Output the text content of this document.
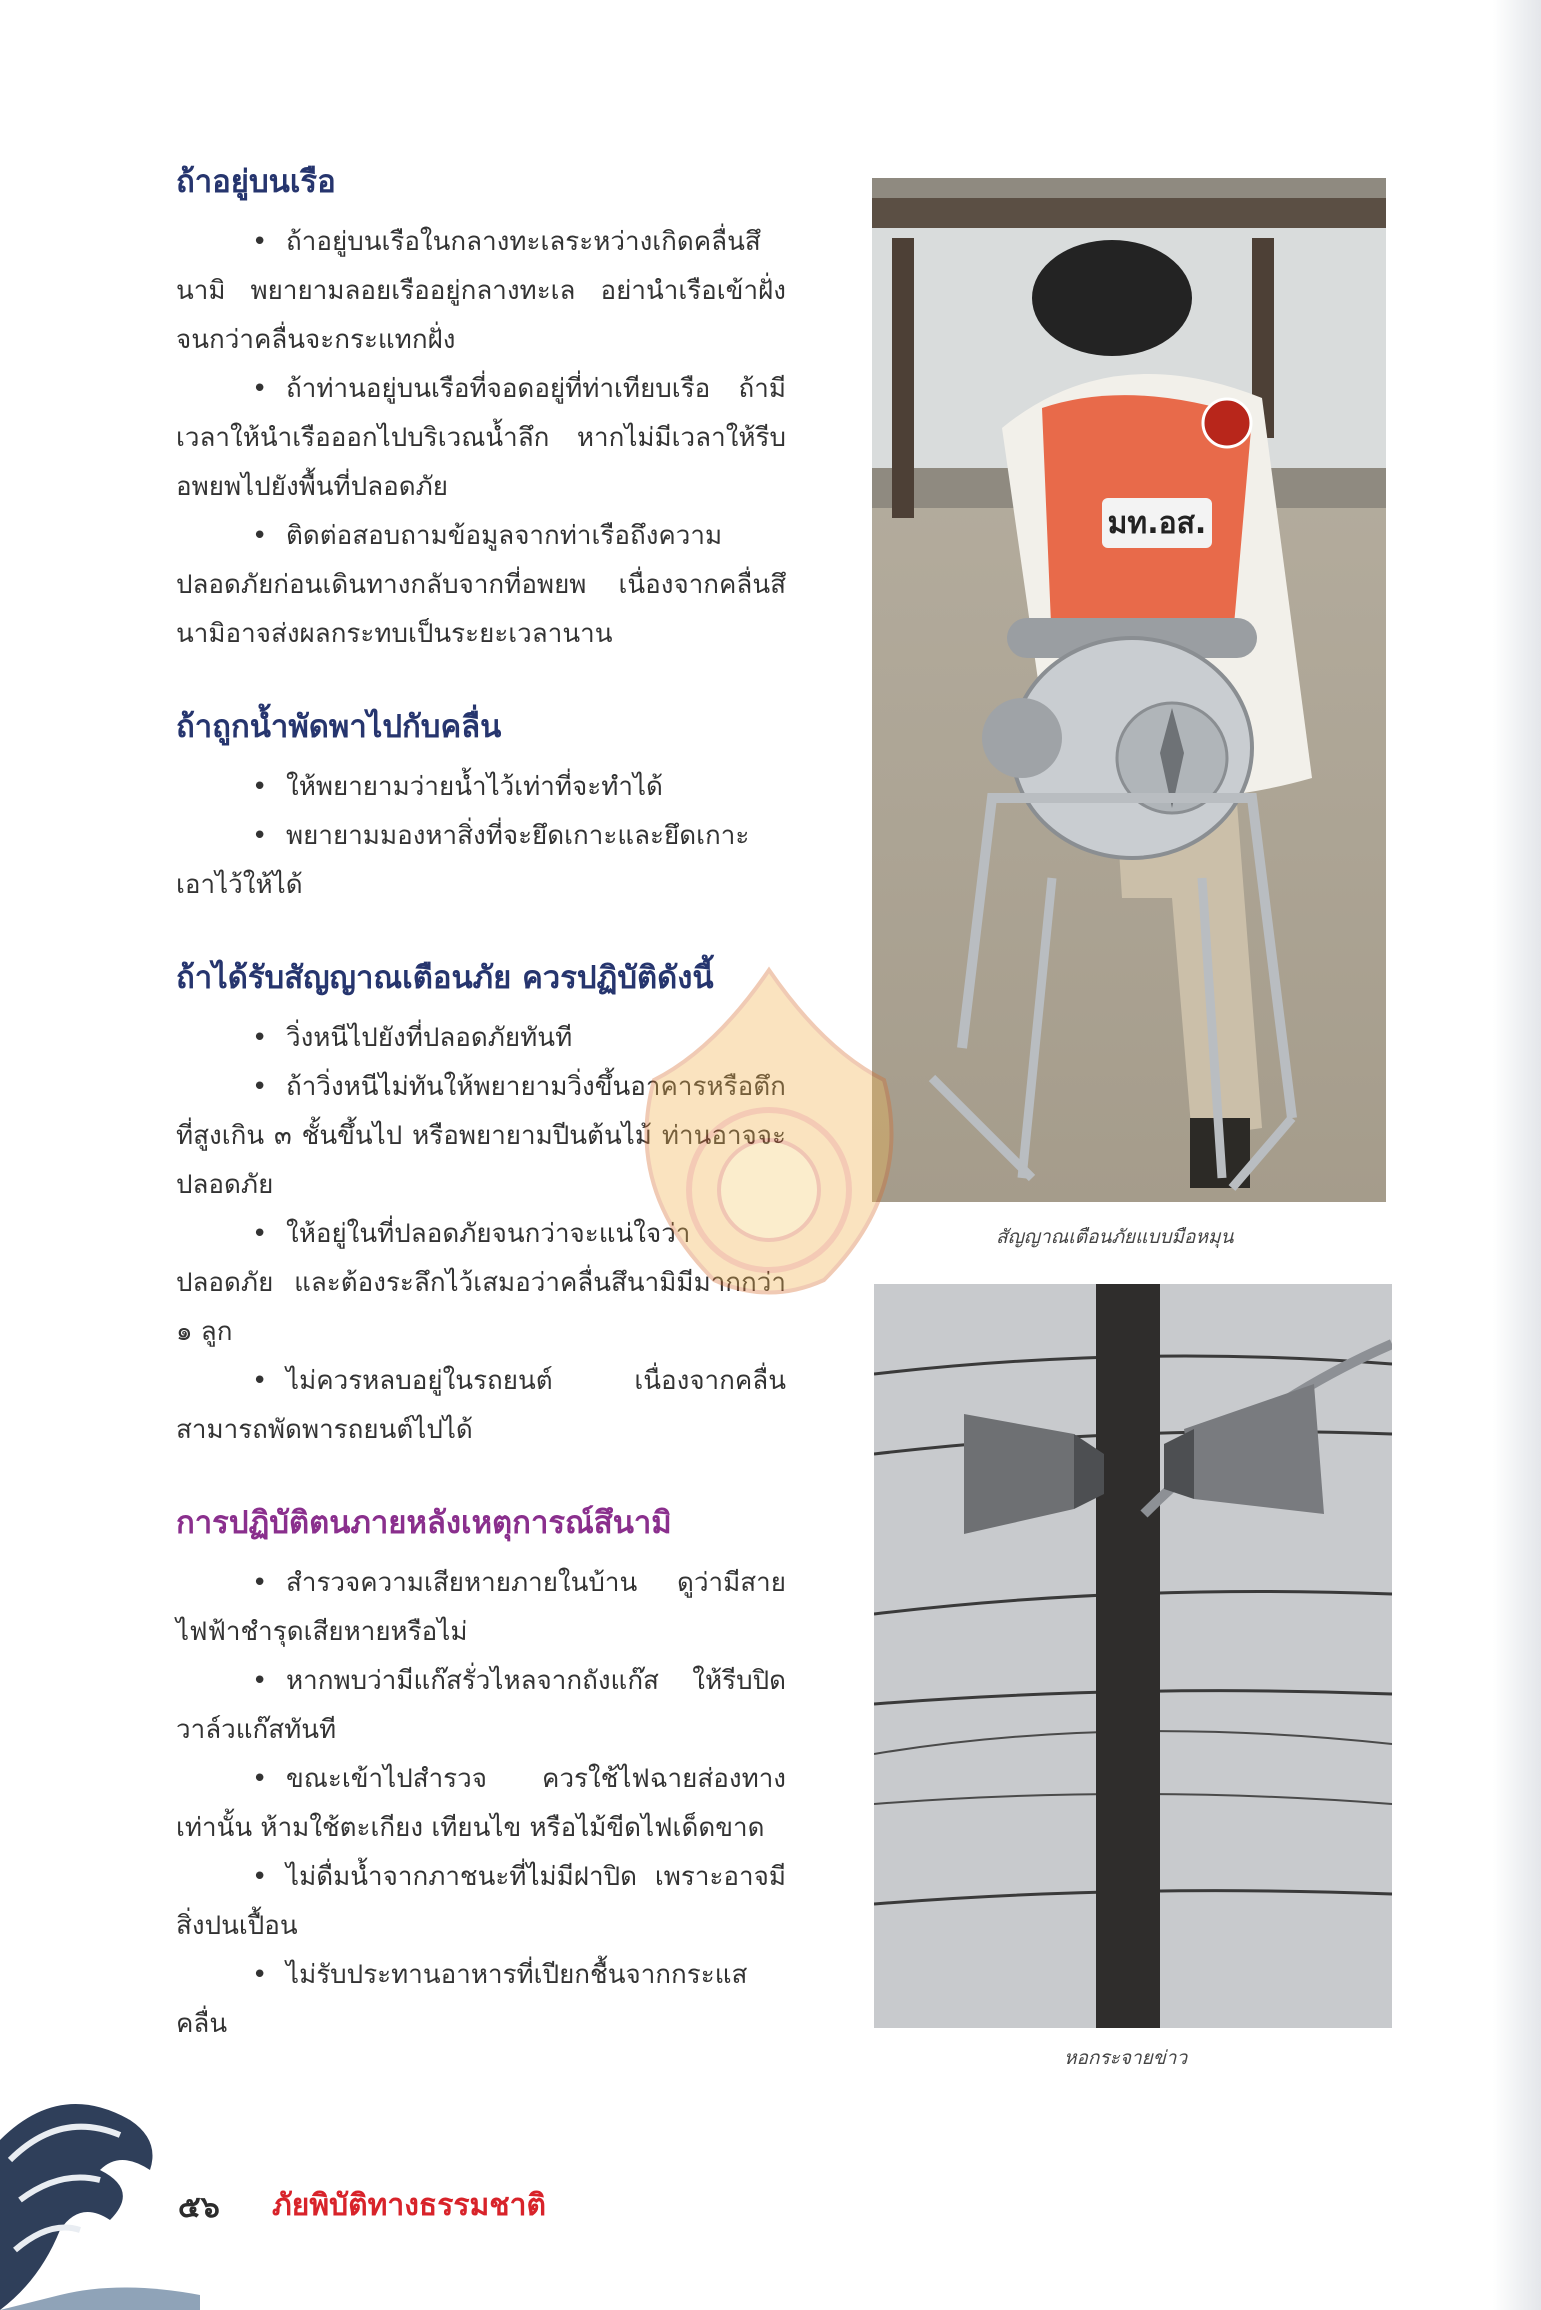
ถ้าอยู่บนเรือ

• ถ้าอยู่บนเรือในกลางทะเลระหว่างเกิดคลื่นสึนามิ พยายามลอยเรืออยู่กลางทะเล อย่านำเรือเข้าฝั่งจนกว่าคลื่นจะกระแทกฝั่ง

• ถ้าท่านอยู่บนเรือที่จอดอยู่ที่ท่าเทียบเรือ ถ้ามีเวลาให้นำเรือออกไปบริเวณน้ำลึก หากไม่มีเวลาให้รีบอพยพไปยังพื้นที่ปลอดภัย

• ติดต่อสอบถามข้อมูลจากท่าเรือถึงความปลอดภัยก่อนเดินทางกลับจากที่อพยพ เนื่องจากคลื่นสึนามิอาจส่งผลกระทบเป็นระยะเวลานาน

ถ้าถูกน้ำพัดพาไปกับคลื่น

• ให้พยายามว่ายน้ำไว้เท่าที่จะทำได้

• พยายามมองหาสิ่งที่จะยึดเกาะและยึดเกาะเอาไว้ให้ได้

ถ้าได้รับสัญญาณเตือนภัย ควรปฏิบัติดังนี้

• วิ่งหนีไปยังที่ปลอดภัยทันที

• ถ้าวิ่งหนีไม่ทันให้พยายามวิ่งขึ้นอาคารหรือตึกที่สูงเกิน ๓ ชั้นขึ้นไป หรือพยายามปีนต้นไม้ ท่านอาจจะปลอดภัย

• ให้อยู่ในที่ปลอดภัยจนกว่าจะแน่ใจว่าปลอดภัย และต้องระลึกไว้เสมอว่าคลื่นสึนามิมีมากกว่า ๑ ลูก

• ไม่ควรหลบอยู่ในรถยนต์ เนื่องจากคลื่นสามารถพัดพารถยนต์ไปได้

การปฏิบัติตนภายหลังเหตุการณ์สึนามิ

• สำรวจความเสียหายภายในบ้าน ดูว่ามีสายไฟฟ้าชำรุดเสียหายหรือไม่

• หากพบว่ามีแก๊สรั่วไหลจากถังแก๊ส ให้รีบปิดวาล์วแก๊สทันที

• ขณะเข้าไปสำรวจ ควรใช้ไฟฉายส่องทางเท่านั้น ห้ามใช้ตะเกียง เทียนไข หรือไม้ขีดไฟเด็ดขาด

• ไม่ดื่มน้ำจากภาชนะที่ไม่มีฝาปิด เพราะอาจมีสิ่งปนเปื้อน

• ไม่รับประทานอาหารที่เปียกชื้นจากกระแสคลื่น

มท.อส.
สัญญาณเตือนภัยแบบมือหมุน
หอกระจายข่าว
๕๖ ภัยพิบัติทางธรรมชาติ
